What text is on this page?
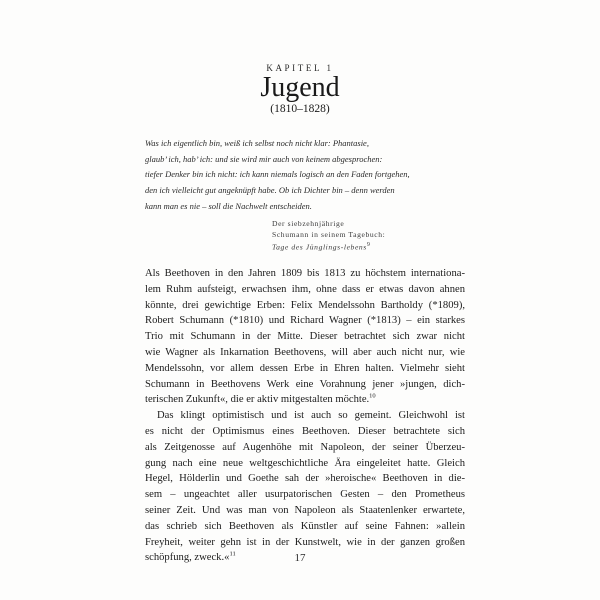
KAPITEL 1
Jugend
(1810–1828)
Was ich eigentlich bin, weiß ich selbst noch nicht klar: Phantasie,
glaub’ ich, hab’ ich: und sie wird mir auch von keinem abgesprochen:
tiefer Denker bin ich nicht: ich kann niemals logisch an den Faden fortgehen,
den ich vielleicht gut angeknüpft habe. Ob ich Dichter bin – denn werden
kann man es nie – soll die Nachwelt entscheiden.
Der siebzehnjährige
Schumann in seinem Tagebuch:
Tage des Jünglings-lebens$^9$
Als Beethoven in den Jahren 1809 bis 1813 zu höchstem internationa-
lem Ruhm aufsteigt, erwachsen ihm, ohne dass er etwas davon ahnen
könnte, drei gewichtige Erben: Felix Mendelssohn Bartholdy (*1809),
Robert Schumann (*1810) und Richard Wagner (*1813) – ein starkes
Trio mit Schumann in der Mitte. Dieser betrachtet sich zwar nicht
wie Wagner als Inkarnation Beethovens, will aber auch nicht nur, wie
Mendelssohn, vor allem dessen Erbe in Ehren halten. Vielmehr sieht
Schumann in Beethovens Werk eine Vorahnung jener »jungen, dich-
terischen Zukunft«, die er aktiv mitgestalten möchte.$^{10}$
Das klingt optimistisch und ist auch so gemeint. Gleichwohl ist
es nicht der Optimismus eines Beethoven. Dieser betrachtete sich
als Zeitgenosse auf Augenhöhe mit Napoleon, der seiner Überzeu-
gung nach eine neue weltgeschichtliche Ära eingeleitet hatte. Gleich
Hegel, Hölderlin und Goethe sah der »heroische« Beethoven in die-
sem – ungeachtet aller usurpatorischen Gesten – den Prometheus
seiner Zeit. Und was man von Napoleon als Staatenlenker erwartete,
das schrieb sich Beethoven als Künstler auf seine Fahnen: »allein
Freyheit, weiter gehn ist in der Kunstwelt, wie in der ganzen großen
schöpfung, zweck.«$^{11}$	17
